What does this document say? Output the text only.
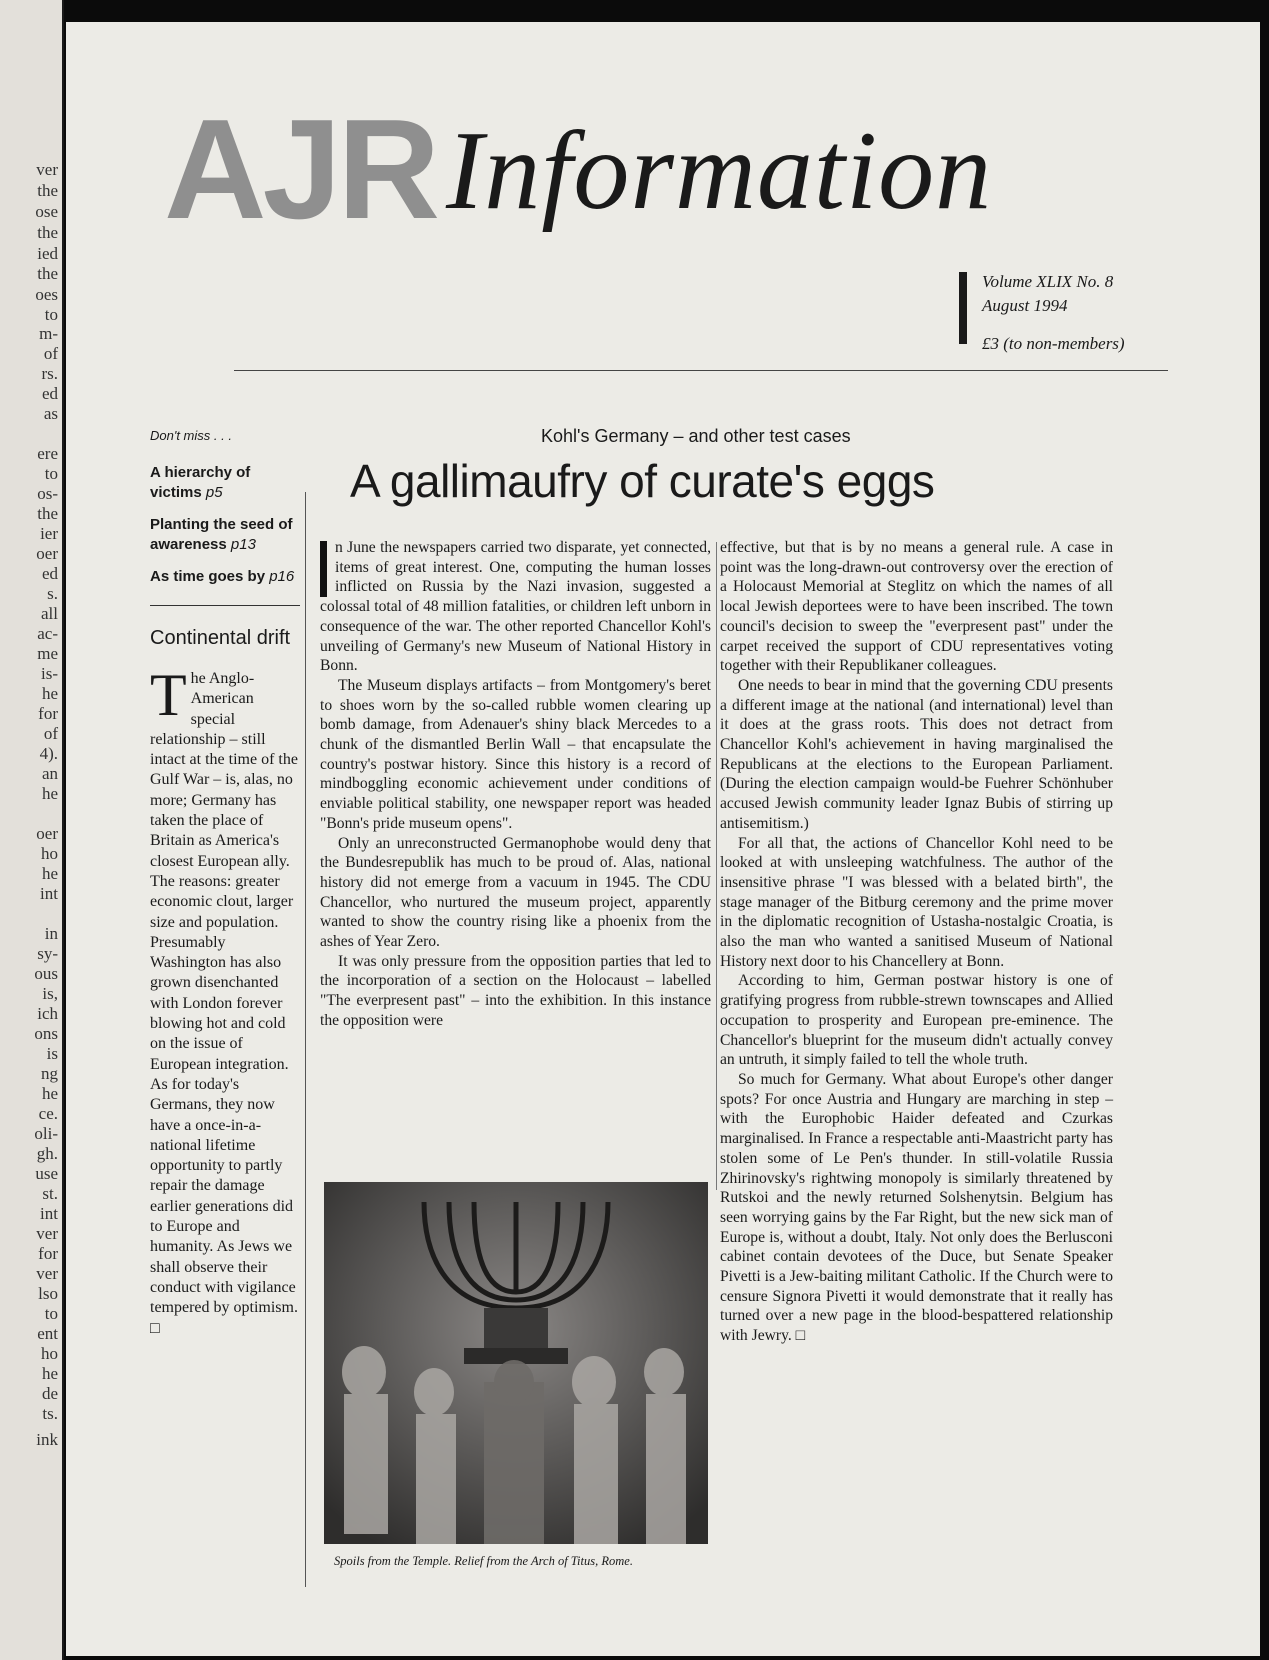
ver
the
ose
the
ied
the
oes
to
m-
of
rs.
ed
as
ere
to
os-
the
ier
oer
ed
s.
all
ac-
me
is-
he
for
of
4).
an
he
oer
ho
he
int
in
sy-
ous
is,
ich
ons
is
ng
he
ce.
oli-
gh.
use
st.
int
ver
for
ver
lso
to
ent
ho
he
de
ts.
ink
AJR Information
Volume XLIX No. 8
August 1994
£3 (to non-members)
Don't miss . . .
A hierarchy of victims p5
Planting the seed of awareness p13
As time goes by p16
Continental drift
The Anglo-American special relationship – still intact at the time of the Gulf War – is, alas, no more; Germany has taken the place of Britain as America's closest European ally. The reasons: greater economic clout, larger size and population. Presumably Washington has also grown disenchanted with London forever blowing hot and cold on the issue of European integration. As for today's Germans, they now have a once-in-a-national lifetime opportunity to partly repair the damage earlier generations did to Europe and humanity. As Jews we shall observe their conduct with vigilance tempered by optimism. □
Kohl's Germany – and other test cases
A gallimaufry of curate's eggs

n June the newspapers carried two disparate, yet connected, items of great interest. One, computing the human losses inflicted on Russia by the Nazi invasion, suggested a colossal total of 48 million fatalities, or children left unborn in consequence of the war. The other reported Chancellor Kohl's unveiling of Germany's new Museum of National History in Bonn.

The Museum displays artifacts – from Montgomery's beret to shoes worn by the so-called rubble women clearing up bomb damage, from Adenauer's shiny black Mercedes to a chunk of the dismantled Berlin Wall – that encapsulate the country's postwar history. Since this history is a record of mindboggling economic achievement under conditions of enviable political stability, one newspaper report was headed "Bonn's pride museum opens".

Only an unreconstructed Germanophobe would deny that the Bundesrepublik has much to be proud of. Alas, national history did not emerge from a vacuum in 1945. The CDU Chancellor, who nurtured the museum project, apparently wanted to show the country rising like a phoenix from the ashes of Year Zero.

It was only pressure from the opposition parties that led to the incorporation of a section on the Holocaust – labelled "The everpresent past" – into the exhibition. In this instance the opposition were

effective, but that is by no means a general rule. A case in point was the long-drawn-out controversy over the erection of a Holocaust Memorial at Steglitz on which the names of all local Jewish deportees were to have been inscribed. The town council's decision to sweep the "everpresent past" under the carpet received the support of CDU representatives voting together with their Republikaner colleagues.

One needs to bear in mind that the governing CDU presents a different image at the national (and international) level than it does at the grass roots. This does not detract from Chancellor Kohl's achievement in having marginalised the Republicans at the elections to the European Parliament. (During the election campaign would-be Fuehrer Schönhuber accused Jewish community leader Ignaz Bubis of stirring up antisemitism.)

For all that, the actions of Chancellor Kohl need to be looked at with unsleeping watchfulness. The author of the insensitive phrase "I was blessed with a belated birth", the stage manager of the Bitburg ceremony and the prime mover in the diplomatic recognition of Ustasha-nostalgic Croatia, is also the man who wanted a sanitised Museum of National History next door to his Chancellery at Bonn.

According to him, German postwar history is one of gratifying progress from rubble-strewn townscapes and Allied occupation to prosperity and European pre-eminence. The Chancellor's blueprint for the museum didn't actually convey an untruth, it simply failed to tell the whole truth.

So much for Germany. What about Europe's other danger spots? For once Austria and Hungary are marching in step – with the Europhobic Haider defeated and Czurkas marginalised. In France a respectable anti-Maastricht party has stolen some of Le Pen's thunder. In still-volatile Russia Zhirinovsky's rightwing monopoly is similarly threatened by Rutskoi and the newly returned Solshenytsin. Belgium has seen worrying gains by the Far Right, but the new sick man of Europe is, without a doubt, Italy. Not only does the Berlusconi cabinet contain devotees of the Duce, but Senate Speaker Pivetti is a Jew-baiting militant Catholic. If the Church were to censure Signora Pivetti it would demonstrate that it really has turned over a new page in the blood-bespattered relationship with Jewry. □

Spoils from the Temple. Relief from the Arch of Titus, Rome.
